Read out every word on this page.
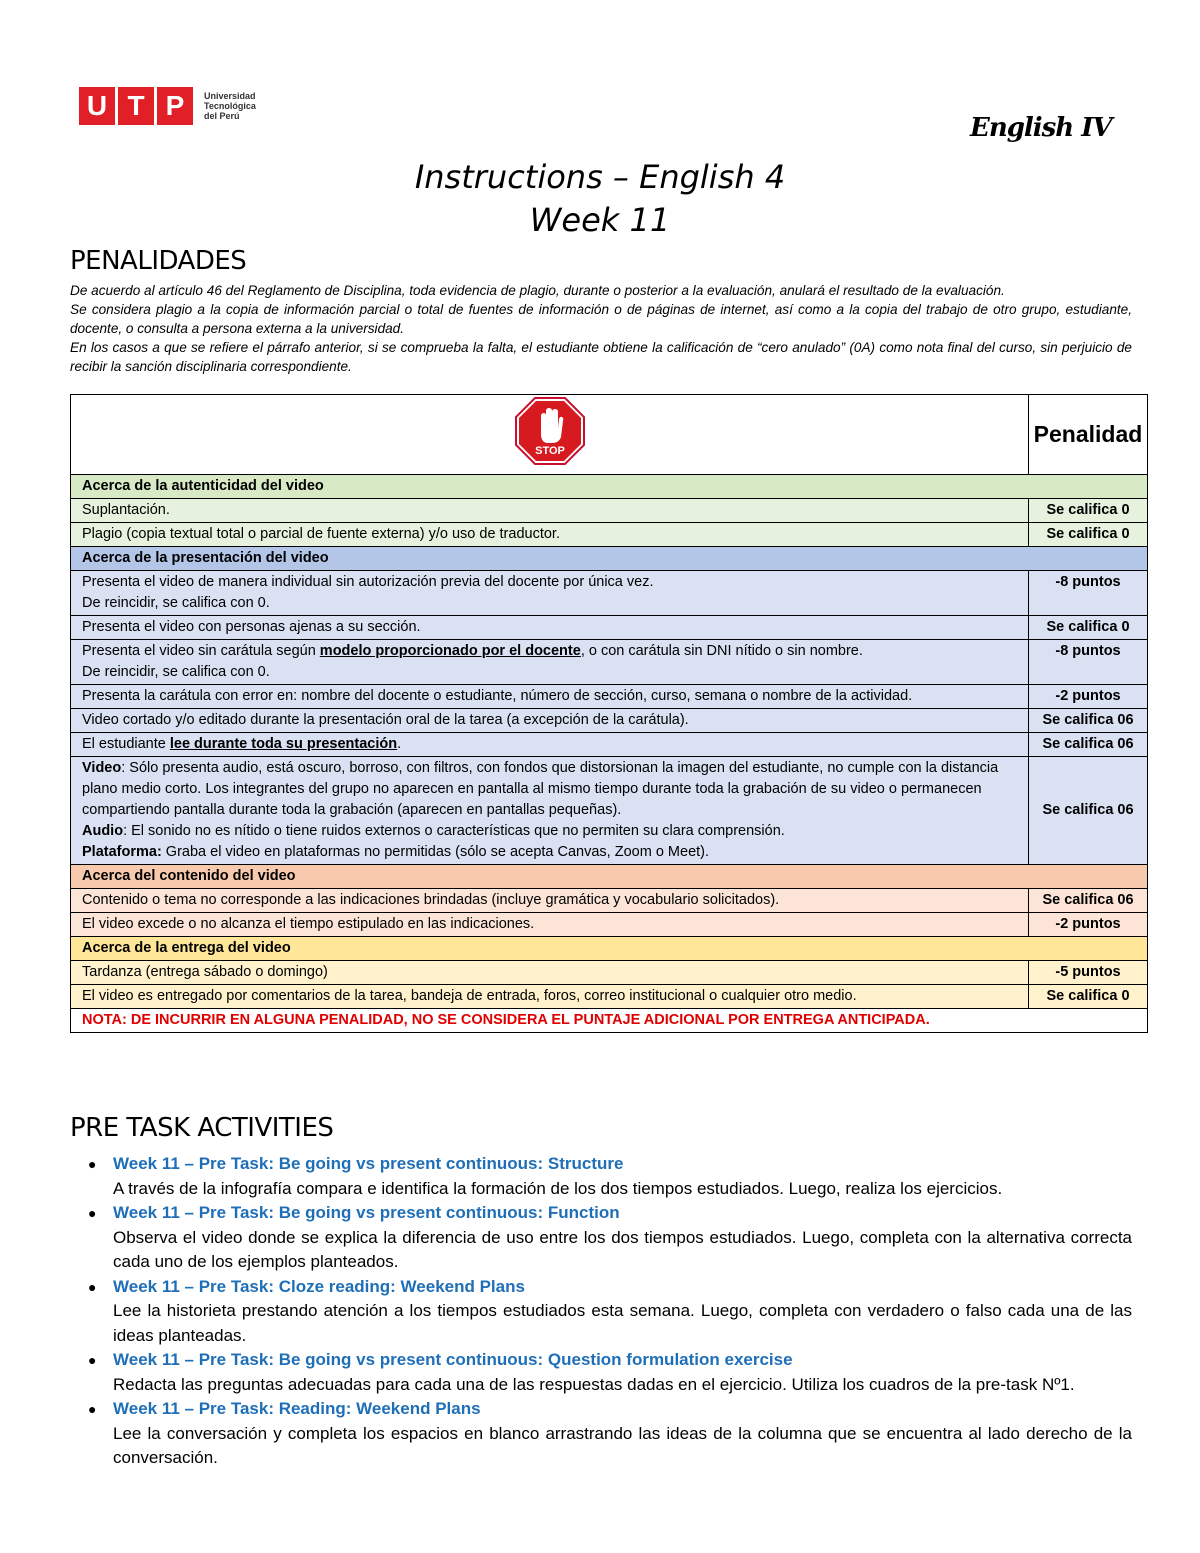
U T P	Universidad
Tecnológica
del Perú	English IV
Instructions – English 4
Week 11
PENALIDADES

De acuerdo al artículo 46 del Reglamento de Disciplina, toda evidencia de plagio, durante o posterior a la evaluación, anulará el resultado de la evaluación.

Se considera plagio a la copia de información parcial o total de fuentes de información o de páginas de internet, así como a la copia del trabajo de otro grupo, estudiante, docente, o consulta a persona externa a la universidad.

En los casos a que se refiere el párrafo anterior, si se comprueba la falta, el estudiante obtiene la calificación de “cero anulado” (0A) como nota final del curso, sin perjuicio de recibir la sanción disciplinaria correspondiente.

STOP	Penalidad
Acerca de la autenticidad del video	
Suplantación.	Se califica 0
Plagio (copia textual total o parcial de fuente externa) y/o uso de traductor.	Se califica 0
Acerca de la presentación del video	

Presenta el video de manera individual sin autorización previa del docente por única vez.
De reincidir, se califica con 0.	-8 puntos
Presenta el video con personas ajenas a su sección.	Se califica 0

Presenta el video sin carátula según modelo proporcionado por el docente, o con carátula sin DNI nítido o sin nombre.
De reincidir, se califica con 0.	-8 puntos
Presenta la carátula con error en: nombre del docente o estudiante, número de sección, curso, semana o nombre de la actividad.	-2 puntos
Video cortado y/o editado durante la presentación oral de la tarea (a excepción de la carátula).	Se califica 06
El estudiante lee durante toda su presentación.	Se califica 06

Video: Sólo presenta audio, está oscuro, borroso, con filtros, con fondos que distorsionan la imagen del estudiante, no cumple con la distancia plano medio corto. Los integrantes del grupo no aparecen en pantalla al mismo tiempo durante toda la grabación de su video o permanecen compartiendo pantalla durante toda la grabación (aparecen en pantallas pequeñas).
Audio: El sonido no es nítido o tiene ruidos externos o características que no permiten su clara comprensión.
Plataforma: Graba el video en plataformas no permitidas (sólo se acepta Canvas, Zoom o Meet).	Se califica 06
Acerca del contenido del video	
Contenido o tema no corresponde a las indicaciones brindadas (incluye gramática y vocabulario solicitados).	Se califica 06
El video excede o no alcanza el tiempo estipulado en las indicaciones.	-2 puntos
Acerca de la entrega del video	
Tardanza (entrega sábado o domingo)	-5 puntos
El video es entregado por comentarios de la tarea, bandeja de entrada, foros, correo institucional o cualquier otro medio.	Se califica 0
NOTA: DE INCURRIR EN ALGUNA PENALIDAD, NO SE CONSIDERA EL PUNTAJE ADICIONAL POR ENTREGA ANTICIPADA.	
PRE TASK ACTIVITIES
● Week 11 – Pre Task: Be going vs present continuous: Structure
A través de la infografía compara e identifica la formación de los dos tiempos estudiados. Luego, realiza los ejercicios.
● Week 11 – Pre Task: Be going vs present continuous: Function
Observa el video donde se explica la diferencia de uso entre los dos tiempos estudiados. Luego, completa con la alternativa correcta cada uno de los ejemplos planteados.
● Week 11 – Pre Task: Cloze reading: Weekend Plans
Lee la historieta prestando atención a los tiempos estudiados esta semana. Luego, completa con verdadero o falso cada una de las ideas planteadas.
● Week 11 – Pre Task: Be going vs present continuous: Question formulation exercise
Redacta las preguntas adecuadas para cada una de las respuestas dadas en el ejercicio. Utiliza los cuadros de la pre-task Nº1.
● Week 11 – Pre Task: Reading: Weekend Plans
Lee la conversación y completa los espacios en blanco arrastrando las ideas de la columna que se encuentra al lado derecho de la conversación.
